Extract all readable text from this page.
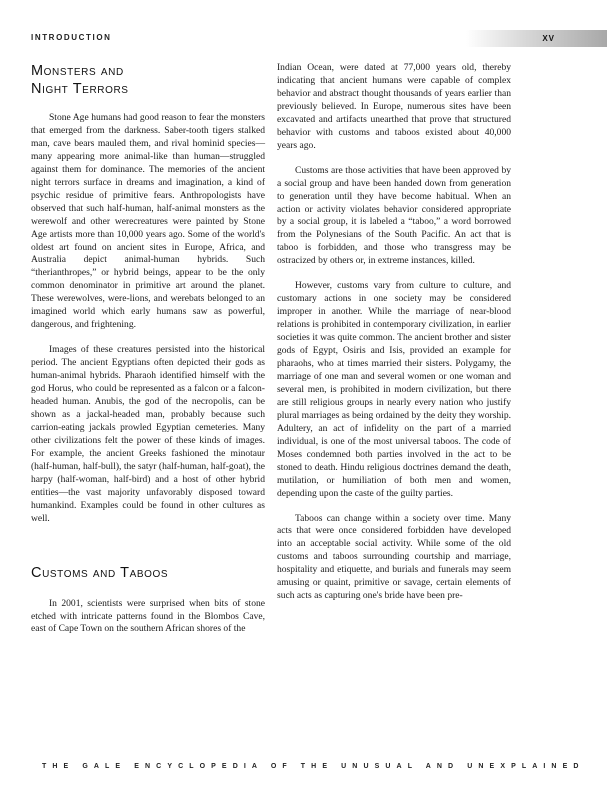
INTRODUCTION	XV
Monsters and
Night Terrors

Stone Age humans had good reason to fear the monsters that emerged from the darkness. Saber-tooth tigers stalked man, cave bears mauled them, and rival hominid species—many appearing more animal-like than human—struggled against them for dominance. The memories of the ancient night terrors surface in dreams and imagination, a kind of psychic residue of primitive fears. Anthropologists have observed that such half-human, half-animal monsters as the werewolf and other werecreatures were painted by Stone Age artists more than 10,000 years ago. Some of the world's oldest art found on ancient sites in Europe, Africa, and Australia depict animal-human hybrids. Such “therianthropes,” or hybrid beings, appear to be the only common denominator in primitive art around the planet. These werewolves, were-lions, and werebats belonged to an imagined world which early humans saw as powerful, dangerous, and frightening.

Images of these creatures persisted into the historical period. The ancient Egyptians often depicted their gods as human-animal hybrids. Pharaoh identified himself with the god Horus, who could be represented as a falcon or a falcon-headed human. Anubis, the god of the necropolis, can be shown as a jackal-headed man, probably because such carrion-eating jackals prowled Egyptian cemeteries. Many other civilizations felt the power of these kinds of images. For example, the ancient Greeks fashioned the minotaur (half-human, half-bull), the satyr (half-human, half-goat), the harpy (half-woman, half-bird) and a host of other hybrid entities—the vast majority unfavorably disposed toward humankind. Examples could be found in other cultures as well.

Customs and Taboos

In 2001, scientists were surprised when bits of stone etched with intricate patterns found in the Blombos Cave, east of Cape Town on the southern African shores of the

Indian Ocean, were dated at 77,000 years old, thereby indicating that ancient humans were capable of complex behavior and abstract thought thousands of years earlier than previously believed. In Europe, numerous sites have been excavated and artifacts unearthed that prove that structured behavior with customs and taboos existed about 40,000 years ago.

Customs are those activities that have been approved by a social group and have been handed down from generation to generation until they have become habitual. When an action or activity violates behavior considered appropriate by a social group, it is labeled a “taboo,” a word borrowed from the Polynesians of the South Pacific. An act that is taboo is forbidden, and those who transgress may be ostracized by others or, in extreme instances, killed.

However, customs vary from culture to culture, and customary actions in one society may be considered improper in another. While the marriage of near-blood relations is prohibited in contemporary civilization, in earlier societies it was quite common. The ancient brother and sister gods of Egypt, Osiris and Isis, provided an example for pharaohs, who at times married their sisters. Polygamy, the marriage of one man and several women or one woman and several men, is prohibited in modern civilization, but there are still religious groups in nearly every nation who justify plural marriages as being ordained by the deity they worship. Adultery, an act of infidelity on the part of a married individual, is one of the most universal taboos. The code of Moses condemned both parties involved in the act to be stoned to death. Hindu religious doctrines demand the death, mutilation, or humiliation of both men and women, depending upon the caste of the guilty parties.

Taboos can change within a society over time. Many acts that were once considered forbidden have developed into an acceptable social activity. While some of the old customs and taboos surrounding courtship and marriage, hospitality and etiquette, and burials and funerals may seem amusing or quaint, primitive or savage, certain elements of such acts as capturing one's bride have been pre-

THE GALE ENCYCLOPEDIA OF THE UNUSUAL AND UNEXPLAINED
